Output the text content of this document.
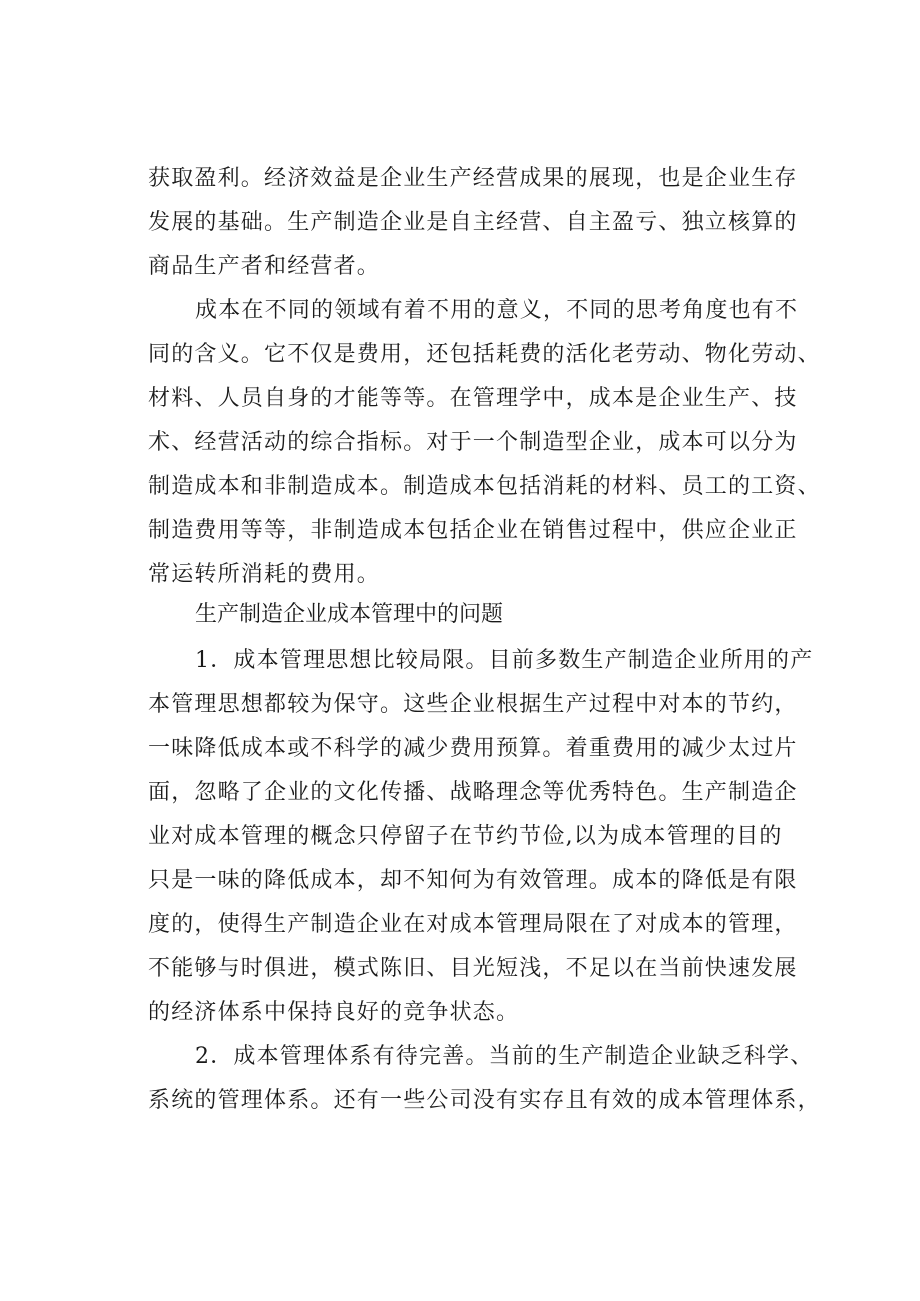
获取盈利。经济效益是企业生产经营成果的展现，也是企业生存

发展的基础。生产制造企业是自主经营、自主盈亏、独立核算的

商品生产者和经营者。

成本在不同的领域有着不用的意义，不同的思考角度也有不

同的含义。它不仅是费用，还包括耗费的活化老劳动、物化劳动、

材料、人员自身的才能等等。在管理学中，成本是企业生产、技

术、经营活动的综合指标。对于一个制造型企业，成本可以分为

制造成本和非制造成本。制造成本包括消耗的材料、员工的工资、

制造费用等等，非制造成本包括企业在销售过程中，供应企业正

常运转所消耗的费用。

生产制造企业成本管理中的问题

1．成本管理思想比较局限。目前多数生产制造企业所用的产

本管理思想都较为保守。这些企业根据生产过程中对本的节约，

一味降低成本或不科学的减少费用预算。着重费用的减少太过片

面，忽略了企业的文化传播、战略理念等优秀特色。生产制造企

业对成本管理的概念只停留子在节约节俭,以为成本管理的目的

只是一味的降低成本，却不知何为有效管理。成本的降低是有限

度的，使得生产制造企业在对成本管理局限在了对成本的管理，

不能够与时俱进，模式陈旧、目光短浅，不足以在当前快速发展

的经济体系中保持良好的竞争状态。

2．成本管理体系有待完善。当前的生产制造企业缺乏科学、

系统的管理体系。还有一些公司没有实存且有效的成本管理体系，
